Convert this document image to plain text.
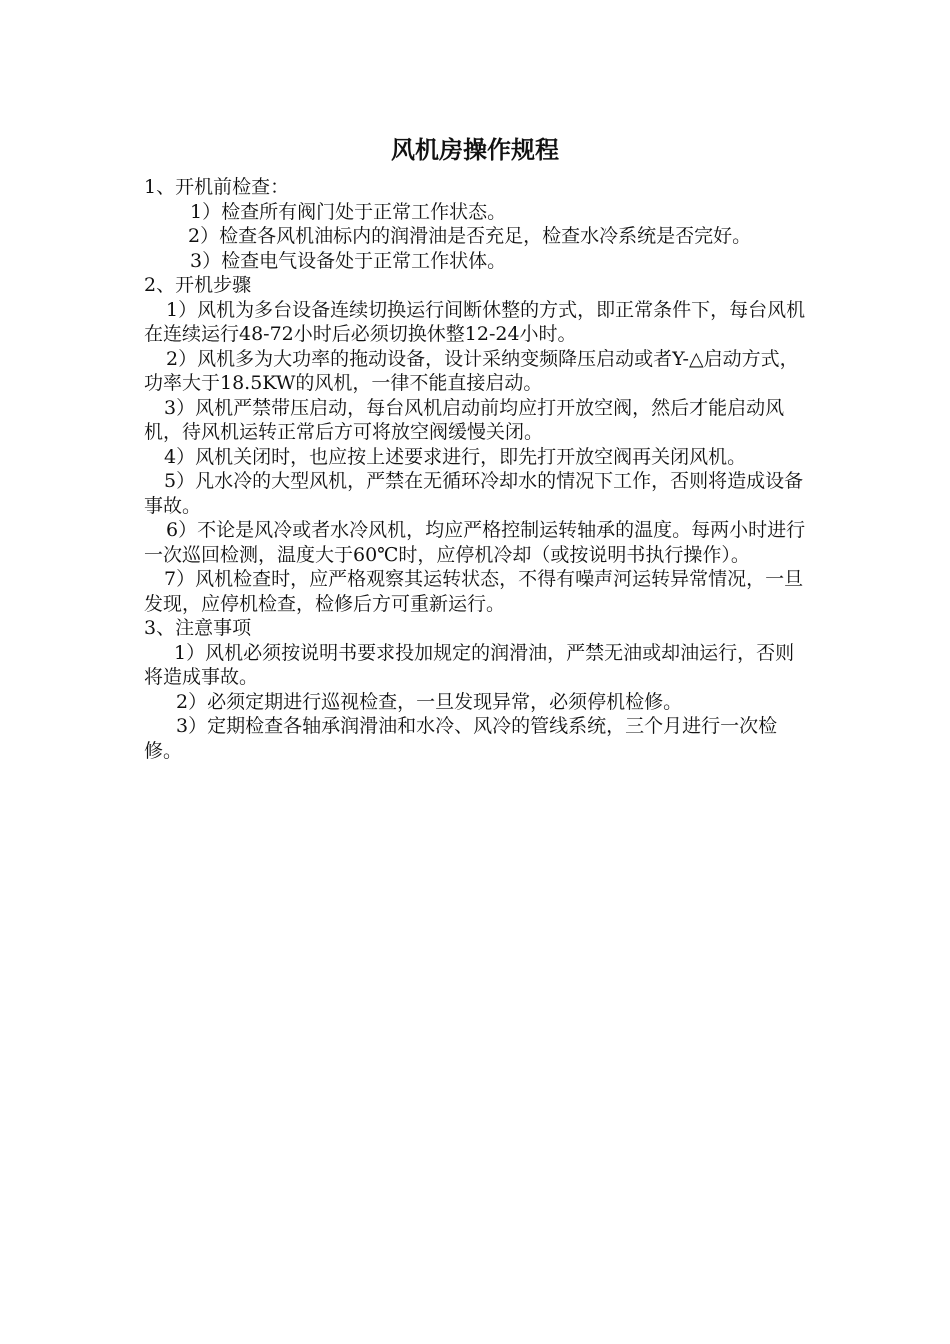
风机房操作规程

1、开机前检查：

1）检查所有阀门处于正常工作状态。

2）检查各风机油标内的润滑油是否充足，检查水冷系统是否完好。

3）检查电气设备处于正常工作状体。

2、开机步骤

1）风机为多台设备连续切换运行间断休整的方式，即正常条件下，每台风机在连续运行48-72小时后必须切换休整12-24小时。

2）风机多为大功率的拖动设备，设计采纳变频降压启动或者Y-△启动方式，功率大于18.5KW的风机，一律不能直接启动。

3）风机严禁带压启动，每台风机启动前均应打开放空阀，然后才能启动风机，待风机运转正常后方可将放空阀缓慢关闭。

4）风机关闭时，也应按上述要求进行，即先打开放空阀再关闭风机。

5）凡水冷的大型风机，严禁在无循环冷却水的情况下工作，否则将造成设备事故。

6）不论是风冷或者水冷风机，均应严格控制运转轴承的温度。每两小时进行一次巡回检测，温度大于60℃时，应停机冷却（或按说明书执行操作）。

7）风机检查时，应严格观察其运转状态，不得有噪声河运转异常情况，一旦发现，应停机检查，检修后方可重新运行。

3、注意事项

1）风机必须按说明书要求投加规定的润滑油，严禁无油或却油运行，否则将造成事故。

2）必须定期进行巡视检查，一旦发现异常，必须停机检修。

3）定期检查各轴承润滑油和水冷、风冷的管线系统，三个月进行一次检修。
